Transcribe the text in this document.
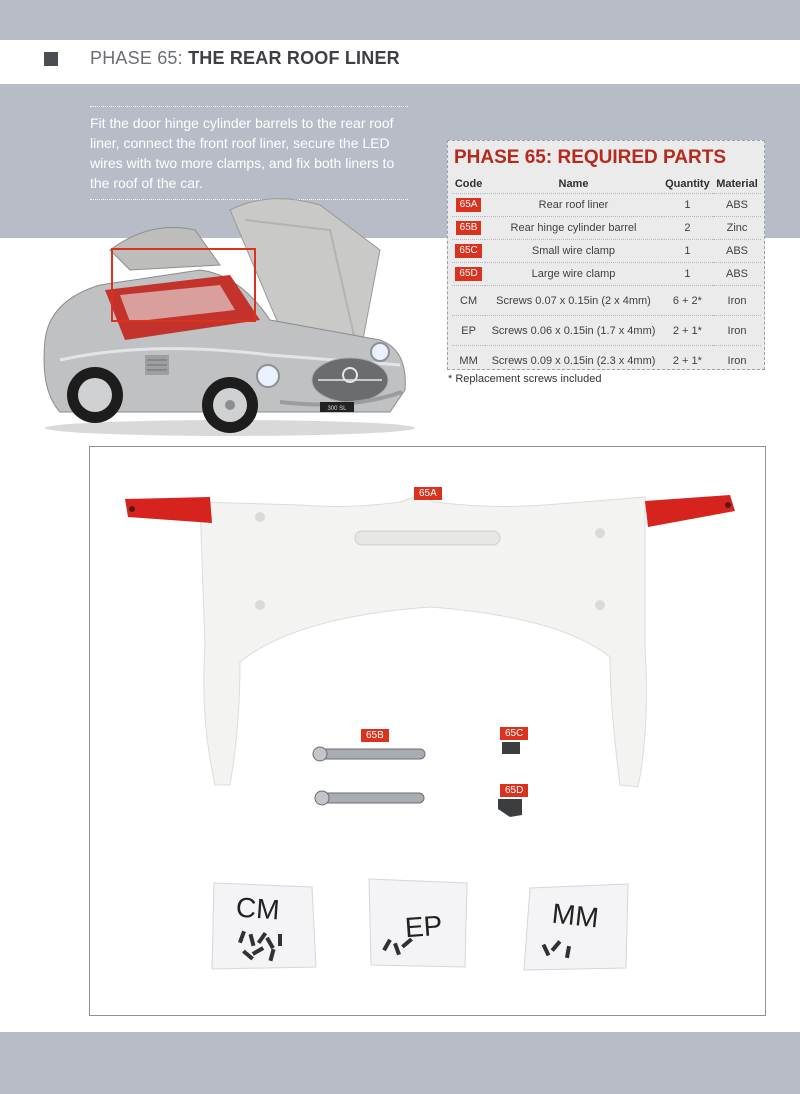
PHASE 65: THE REAR ROOF LINER

Fit the door hinge cylinder barrels to the rear roof liner, connect the front roof liner, secure the LED wires with two more clamps, and fix both liners to the roof of the car.

300 SL
PHASE 65: REQUIRED PARTS
Code	Name	Quantity	Material
65A	Rear roof liner	1	ABS
65B	Rear hinge cylinder barrel	2	Zinc
65C	Small wire clamp	1	ABS
65D	Large wire clamp	1	ABS
CM	Screws 0.07 x 0.15in (2 x 4mm)	6 + 2*	Iron
EP	Screws 0.06 x 0.15in (1.7 x 4mm)	2 + 1*	Iron
MM	Screws 0.09 x 0.15in (2.3 x 4mm)	2 + 1*	Iron
* Replacement screws included
65A
65B	65C
65D
CM
EP	MM
